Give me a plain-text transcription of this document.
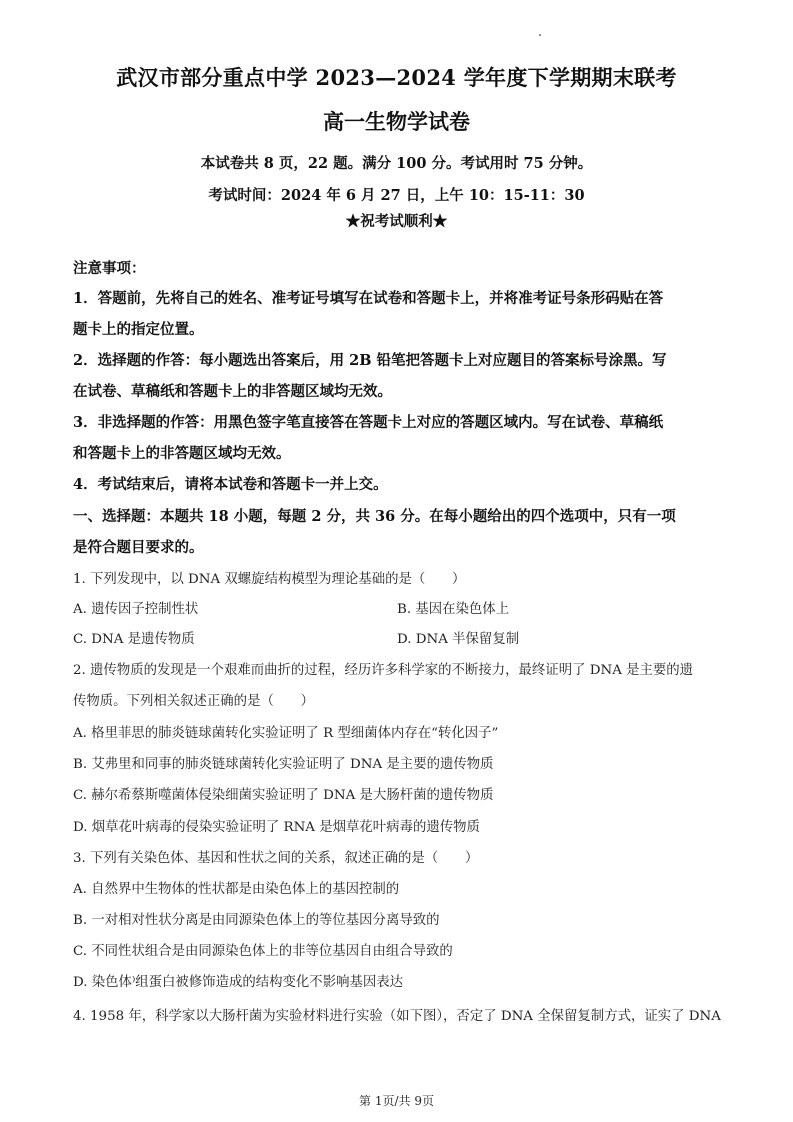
武汉市部分重点中学 2023—2024 学年度下学期期末联考
高一生物学试卷
本试卷共 8 页，22 题。满分 100 分。考试用时 75 分钟。
考试时间：2024 年 6 月 27 日，上午 10：15-11：30
★祝考试顺利★
注意事项：
1．答题前，先将自己的姓名、准考证号填写在试卷和答题卡上，并将准考证号条形码贴在答
题卡上的指定位置。
2．选择题的作答：每小题选出答案后，用 2B 铅笔把答题卡上对应题目的答案标号涂黑。写
在试卷、草稿纸和答题卡上的非答题区域均无效。
3．非选择题的作答：用黑色签字笔直接答在答题卡上对应的答题区域内。写在试卷、草稿纸
和答题卡上的非答题区域均无效。
4．考试结束后，请将本试卷和答题卡一并上交。
一、选择题：本题共 18 小题，每题 2 分，共 36 分。在每小题给出的四个选项中，只有一项
是符合题目要求的。
1. 下列发现中，以 DNA 双螺旋结构模型为理论基础的是（　　）
A. 遗传因子控制性状	B. 基因在染色体上
C. DNA 是遗传物质	D. DNA 半保留复制
2. 遗传物质的发现是一个艰难而曲折的过程，经历许多科学家的不断接力，最终证明了 DNA 是主要的遗
传物质。下列相关叙述正确的是（　　）
A. 格里菲思的肺炎链球菌转化实验证明了 R 型细菌体内存在“转化因子”
B. 艾弗里和同事的肺炎链球菌转化实验证明了 DNA 是主要的遗传物质
C. 赫尔希蔡斯噬菌体侵染细菌实验证明了 DNA 是大肠杆菌的遗传物质
D. 烟草花叶病毒的侵染实验证明了 RNA 是烟草花叶病毒的遗传物质
3. 下列有关染色体、基因和性状之间的关系，叙述正确的是（　　）
A. 自然界中生物体的性状都是由染色体上的基因控制的
B. 一对相对性状分离是由同源染色体上的等位基因分离导致的
C. 不同性状组合是由同源染色体上的非等位基因自由组合导致的
D. 染色体⁾组蛋白被修饰造成的结构变化不影响基因表达
4. 1958 年，科学家以大肠杆菌为实验材料进行实验（如下图），否定了 DNA 全保留复制方式，证实了 DNA
第 1页/共 9页
